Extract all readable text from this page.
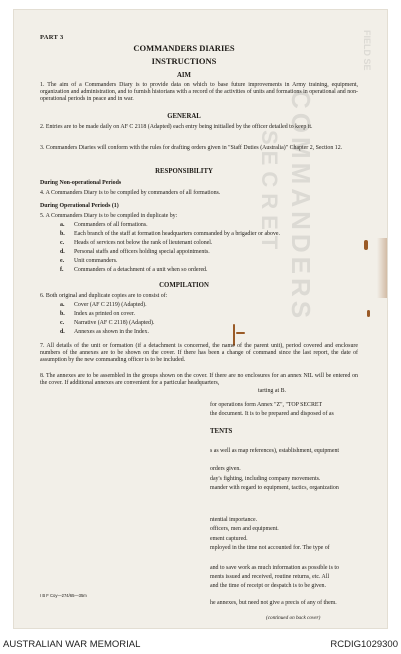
COMMANDERS
SECRET
FIELD SE
PART 3
COMMANDERS DIARIES
INSTRUCTIONS
AIM
1. The aim of a Commanders Diary is to provide data on which to base future improvements in Army training, equipment, organization and administration, and to furnish historians with a record of the activities of units and formations in operational and non-operational periods in peace and in war.
GENERAL
2. Entries are to be made daily on AF C 2118 (Adapted) each entry being initialled by the officer detailed to keep it.
3. Commanders Diaries will conform with the rules for drafting orders given in "Staff Duties (Australia)" Chapter 2, Section 12.
RESPONSIBILITY
During Non-operational Periods
4. A Commanders Diary is to be compiled by commanders of all formations.
During Operational Periods (1)
5. A Commanders Diary is to be compiled in duplicate by:
a. Commanders of all formations.
b. Each branch of the staff at formation headquarters commanded by a brigadier or above.
c. Heads of services not below the rank of lieutenant colonel.
d. Personal staffs and officers holding special appointments.
e. Unit commanders.
f. Commanders of a detachment of a unit when so ordered.
COMPILATION
6. Both original and duplicate copies are to consist of:
a. Cover (AF C 2119) (Adapted).
b. Index as printed on cover.
c. Narrative (AF C 2118) (Adapted).
d. Annexes as shown in the Index.
7. All details of the unit or formation (if a detachment is concerned, the name of the parent unit), period covered and enclosure numbers of the annexes are to be shown on the cover. If there has been a change of command since the last report, the date of assumption by the new commanding officer is to be included.
8. The annexes are to be assembled in the groups shown on the cover. If there are no enclosures for an annex NIL will be entered on the cover. If additional annexes are convenient for a particular headquarters,
tarting at B.
for operations form Annex "Z", "TOP SECRET
the document. It is to be prepared and disposed of as
TENTS
s as well as map references), establishment, equipment
orders given.
day's fighting, including company movements.
mander with regard to equipment, tactics, organization
ntential importance.
officers, men and equipment.
ement captured.
mployed in the time not accounted for. The type of
and to save work as much information as possible is to
ments issued and received, routine returns, etc. All
and the time of receipt or despatch is to be given.
he annexes, but need not give a precis of any of them.
I B F Coy—274/65—35m
(continued on back cover)
AUSTRALIAN WAR MEMORIAL	RCDIG1029300
